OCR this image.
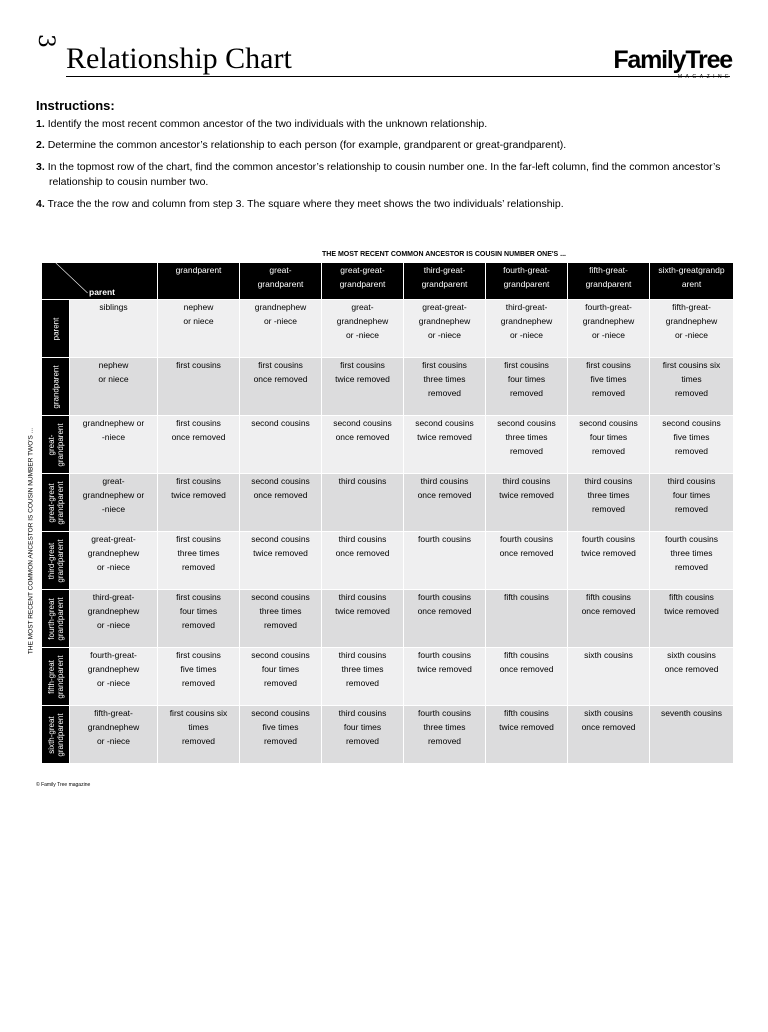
3
Relationship Chart	FamilyTree
MAGAZINE
Instructions:
1. Identify the most recent common ancestor of the two individuals with the unknown relationship.
2. Determine the common ancestor’s relationship to each person (for example, grandparent or great-grandparent).
3. In the topmost row of the chart, find the common ancestor’s relationship to cousin number one. In the far-left column, find the common ancestor’s relationship to cousin number two.
4. Trace the the row and column from step 3. The square where they meet shows the two individuals’ relationship.
THE MOST RECENT COMMON ANCESTOR IS COUSIN NUMBER ONE'S ...
THE MOST RECENT COMMON ANCESTOR IS COUSIN NUMBER TWO'S ...
parent		grandparent	great-
grandparent	great-great-
grandparent	third-great-
grandparent	fourth-great-
grandparent	fifth-great-
grandparent	sixth-greatgrandp
arent

parent	siblings	nephew
or niece	grandnephew
or -niece	great-
grandnephew
or -niece	great-great-
grandnephew
or -niece	third-great-
grandnephew
or -niece	fourth-great-
grandnephew
or -niece	fifth-great-
grandnephew
or -niece

grandparent	nephew
or niece	first cousins	first cousins
once removed	first cousins
twice removed	first cousins
three times
removed	first cousins
four times
removed	first cousins
five times
removed	first cousins six
times
removed

great-
grandparent	grandnephew or
-niece	first cousins
once removed	second cousins	second cousins
once removed	second cousins
twice removed	second cousins
three times
removed	second cousins
four times
removed	second cousins
five times
removed

great-great
grandparent	great-
grandnephew or
-niece	first cousins
twice removed	second cousins
once removed	third cousins	third cousins
once removed	third cousins
twice removed	third cousins
three times
removed	third cousins
four times
removed

third-great
grandparent	great-great-
grandnephew
or -niece	first cousins
three times
removed	second cousins
twice removed	third cousins
once removed	fourth cousins	fourth cousins
once removed	fourth cousins
twice removed	fourth cousins
three times
removed

fourth-great
grandparent	third-great-
grandnephew
or -niece	first cousins
four times
removed	second cousins
three times
removed	third cousins
twice removed	fourth cousins
once removed	fifth cousins	fifth cousins
once removed	fifth cousins
twice removed

fifth-great
grandparent	fourth-great-
grandnephew
or -niece	first cousins
five times
removed	second cousins
four times
removed	third cousins
three times
removed	fourth cousins
twice removed	fifth cousins
once removed	sixth cousins	sixth cousins
once removed

sixth-great
grandparent	fifth-great-
grandnephew
or -niece	first cousins six
times
removed	second cousins
five times
removed	third cousins
four times
removed	fourth cousins
three times
removed	fifth cousins
twice removed	sixth cousins
once removed	seventh cousins
© Family Tree magazine
